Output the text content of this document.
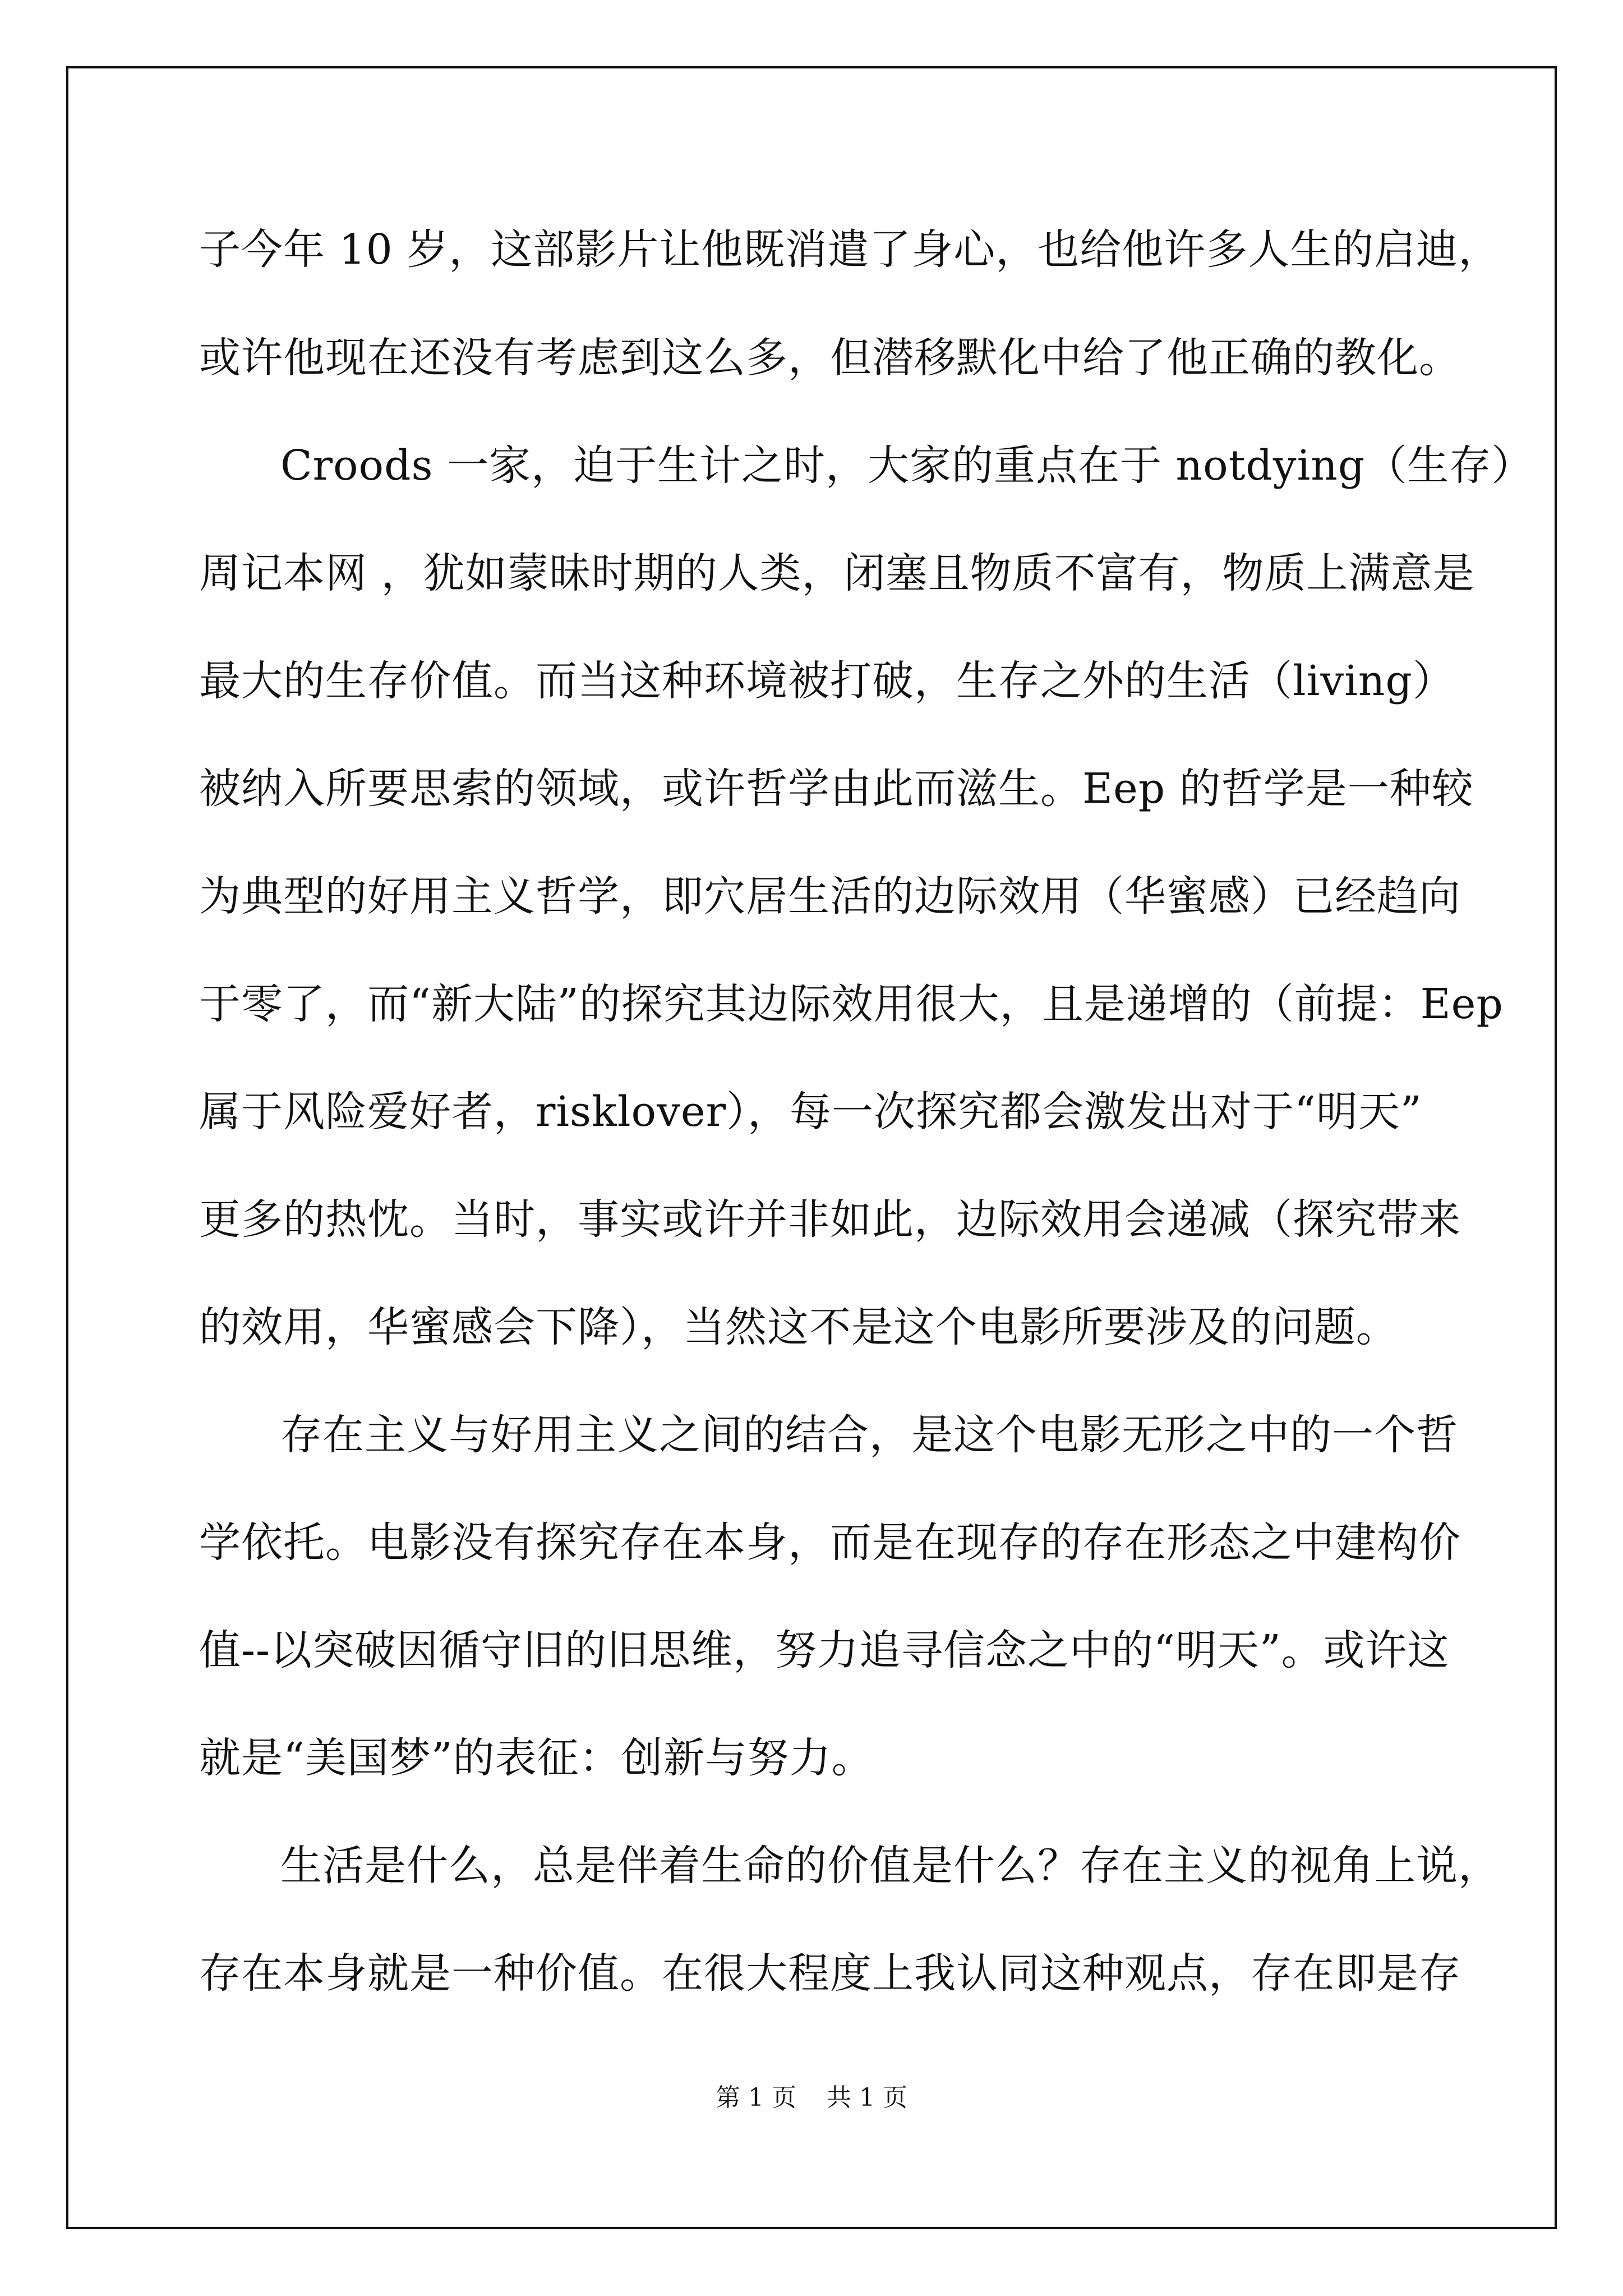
子今年 10 岁，这部影片让他既消遣了身心，也给他许多人生的启迪，
或许他现在还没有考虑到这么多，但潜移默化中给了他正确的教化。
Croods 一家，迫于生计之时，大家的重点在于 notdying（生存）
周记本网 ，犹如蒙昧时期的人类，闭塞且物质不富有，物质上满意是
最大的生存价值。而当这种环境被打破，生存之外的生活（living）
被纳入所要思索的领域，或许哲学由此而滋生。Eep 的哲学是一种较
为典型的好用主义哲学，即穴居生活的边际效用（华蜜感）已经趋向
于零了，而“新大陆”的探究其边际效用很大，且是递增的（前提：Eep
属于风险爱好者，risklover），每一次探究都会激发出对于“明天”
更多的热忱。当时，事实或许并非如此，边际效用会递减（探究带来
的效用，华蜜感会下降），当然这不是这个电影所要涉及的问题。
存在主义与好用主义之间的结合，是这个电影无形之中的一个哲
学依托。电影没有探究存在本身，而是在现存的存在形态之中建构价
值--以突破因循守旧的旧思维，努力追寻信念之中的“明天”。或许这
就是“美国梦”的表征：创新与努力。
生活是什么，总是伴着生命的价值是什么？存在主义的视角上说，
存在本身就是一种价值。在很大程度上我认同这种观点，存在即是存
第 1 页 共 1 页
